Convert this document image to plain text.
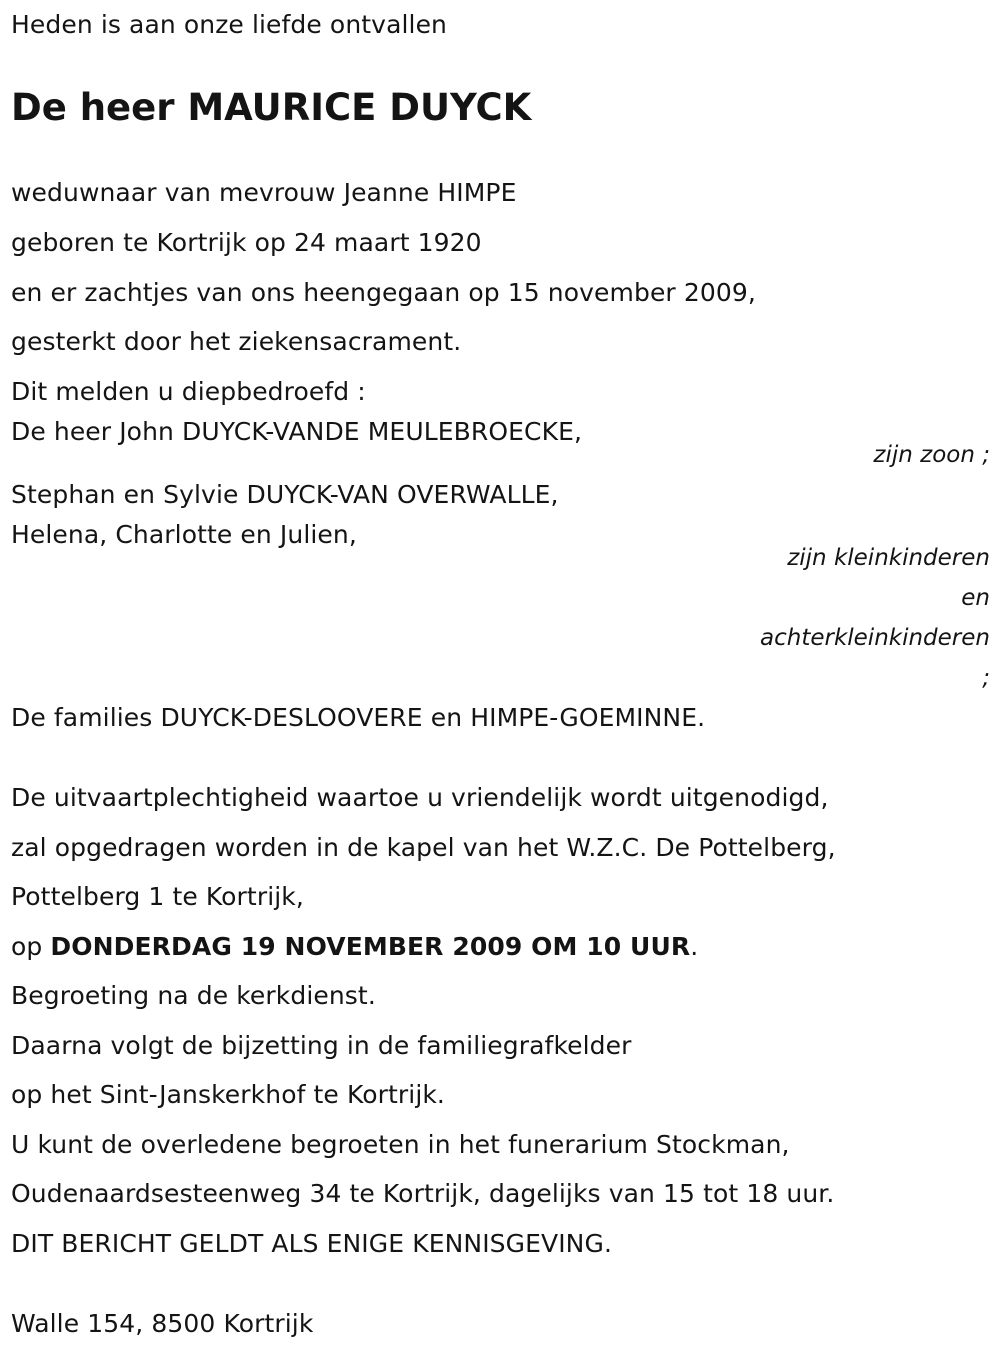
Heden is aan onze liefde ontvallen
De heer MAURICE DUYCK
weduwnaar van mevrouw Jeanne HIMPE
geboren te Kortrijk op 24 maart 1920
en er zachtjes van ons heengegaan op 15 november 2009,
gesterkt door het ziekensacrament.
Dit melden u diepbedroefd :
De heer John DUYCK-VANDE MEULEBROECKE,
zijn zoon ;
Stephan en Sylvie DUYCK-VAN OVERWALLE,
Helena, Charlotte en Julien,
zijn kleinkinderen
en
achterkleinkinderen
;
De families DUYCK-DESLOOVERE en HIMPE-GOEMINNE.
De uitvaartplechtigheid waartoe u vriendelijk wordt uitgenodigd,
zal opgedragen worden in de kapel van het W.Z.C. De Pottelberg,
Pottelberg 1 te Kortrijk,
op DONDERDAG 19 NOVEMBER 2009 OM 10 UUR.
Begroeting na de kerkdienst.
Daarna volgt de bijzetting in de familiegrafkelder
op het Sint-Janskerkhof te Kortrijk.
U kunt de overledene begroeten in het funerarium Stockman,
Oudenaardsesteenweg 34 te Kortrijk, dagelijks van 15 tot 18 uur.
DIT BERICHT GELDT ALS ENIGE KENNISGEVING.
Walle 154, 8500 Kortrijk
